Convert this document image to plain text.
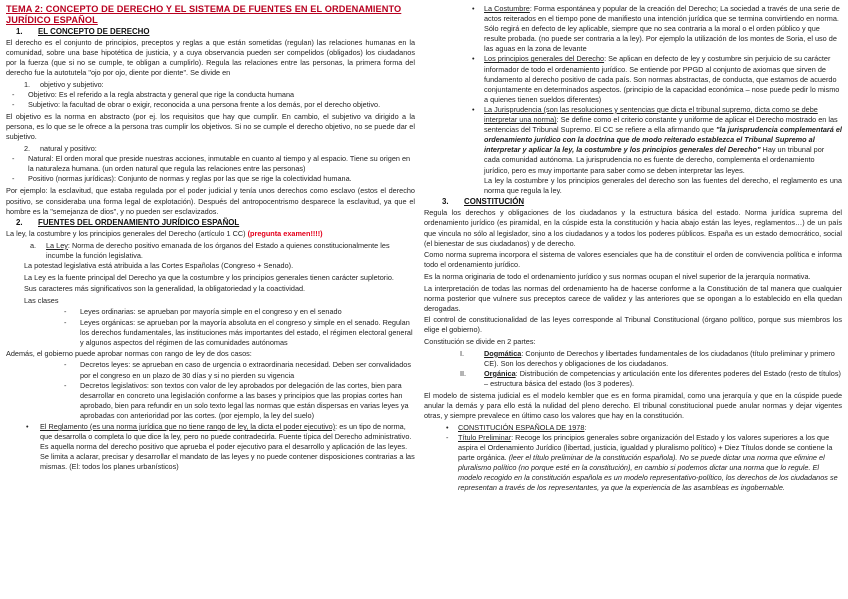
TEMA 2: CONCEPTO DE DERECHO Y EL SISTEMA DE FUENTES EN EL ORDENAMIENTO JURÍDICO ESPAÑOL
1. EL CONCEPTO DE DERECHO

El derecho es el conjunto de principios, preceptos y reglas a que están sometidas (regulan) las relaciones humanas en la comunidad, sobre una base hipotética de justicia, y a cuya observancia pueden ser compelidos (obligados) los ciudadanos por la fuerza (que si no se cumple, te obligan a cumplirlo). Regula las relaciones entre las personas, la primera forma del derecho fue la autotutela "ojo por ojo, diente por diente". Se divide en

1. objetivo y subjetivo:
- Objetivo: Es el referido a la regla abstracta y general que rige la conducta humana
- Subjetivo: la facultad de obrar o exigir, reconocida a una persona frente a los demás, por el derecho objetivo.

El objetivo es la norma en abstracto (por ej. los requisitos que hay que cumplir. En cambio, el subjetivo va dirigido a la persona, es lo que se le ofrece a la persona tras cumplir los objetivos. Si no se cumple el derecho objetivo, no se puede dar el subjetivo.

2. natural y positivo:
- Natural: El orden moral que preside nuestras acciones, inmutable en cuanto al tiempo y al espacio. Tiene su origen en la naturaleza humana. (un orden natural que regula las relaciones entre las personas)
- Positivo (normas jurídicas): Conjunto de normas y reglas por las que se rige la colectividad humana.

Por ejemplo: la esclavitud, que estaba regulada por el poder judicial y tenía unos derechos como esclavo (estos el derecho positivo, se consideraba una forma legal de explotación). Después del antropocentrismo desparece la esclavitud, ya que el hombre es la "semejanza de dios", y no pueden ser esclavizados.

2. FUENTES DEL ORDENAMIENTO JURÍDICO ESPAÑOL

La ley, la costumbre y los principios generales del Derecho (artículo 1 CC) (pregunta examen!!!!)

a. La Ley: Norma de derecho positivo emanada de los órganos del Estado a quienes constitucionalmente les incumbe la función legislativa.

La potestad legislativa está atribuida a las Cortes Españolas (Congreso + Senado).

La Ley es la fuente principal del Derecho ya que la costumbre y los principios generales tienen carácter supletorio.

Sus caracteres más significativos son la generalidad, la obligatoriedad y la coactividad.

Las clases

- Leyes ordinarias: se aprueban por mayoría simple en el congreso y en el senado
- Leyes orgánicas: se aprueban por la mayoría absoluta en el congreso y simple en el senado. Regulan los derechos fundamentales, las instituciones más importantes del estado, el régimen electoral general y algunos aspectos del régimen de las comunidades autónomas

Además, el gobierno puede aprobar normas con rango de ley de dos casos:

- Decretos leyes: se aprueban en caso de urgencia o extraordinaria necesidad. Deben ser convalidados por el congreso en un plazo de 30 días y si no pierden su vigencia
- Decretos legislativos: son textos con valor de ley aprobados por delegación de las cortes, bien para desarrollar en concreto una legislación conforme a las bases y principios que las propias cortes han aprobado, bien para refundir en un solo texto legal las normas que están dispersas en varias leyes ya aprobadas con anterioridad por las cortes. (por ejemplo, la ley del suelo)
• El Reglamento (es una norma jurídica que no tiene rango de ley, la dicta el poder ejecutivo): es un tipo de norma, que desarrolla o completa lo que dice la ley, pero no puede contradecirla. Fuente típica del Derecho administrativo. Es aquella norma del derecho positivo que aprueba el poder ejecutivo para el desarrollo y aplicación de las leyes. Se limita a aclarar, precisar y desarrollar el mandato de las leyes y no puede contener disposiciones contrarias a las mismas. (El: todos los planes urbanísticos)
• La Costumbre: Forma espontánea y popular de la creación del Derecho; La sociedad a través de una serie de actos reiterados en el tiempo pone de manifiesto una intención jurídica que se termina convirtiendo en norma. Sólo regirá en defecto de ley aplicable, siempre que no sea contraria a la moral o el orden público y que resulte probada. (no puede ser contraria a la ley). Por ejemplo la utilización de los montes de Soria, el uso de las aguas en la zona de levante
• Los principios generales del Derecho: Se aplican en defecto de ley y costumbre sin perjuicio de su carácter informador de todo el ordenamiento jurídico. Se entiende por PPGD al conjunto de axiomas que sirven de fundamento al derecho positivo de cada país. Son normas abstractas, de conducta, que estamos de acuerdo conjuntamente en determinados aspectos. (principio de la capacidad económica – nose puede pedir lo mismo a quienes tienen sueldos diferentes)
• La Jurisprudencia (son las resoluciones y sentencias que dicta el tribunal supremo, dicta como se debe interpretar una norma): Se define como el criterio constante y uniforme de aplicar el Derecho mostrado en las sentencias del Tribunal Supremo. El CC se refiere a ella afirmando que "la jurisprudencia complementará el ordenamiento jurídico con la doctrina que de modo reiterado establezca el Tribunal Supremo al interpretar y aplicar la ley, la costumbre y los principios generales del Derecho" Hay un tribunal por cada comunidad autónoma. La jurisprudencia no es fuente de derecho, complementa el ordenamiento jurídico, pero es muy importante para saber como se deben interpretar las leyes.

La ley la costumbre y los principios generales del derecho son las fuentes del derecho, el reglamento es una norma que regula la ley.

3. CONSTITUCIÓN

Regula los derechos y obligaciones de los ciudadanos y la estructura básica del estado. Norma jurídica suprema del ordenamiento jurídico (es piramidal, en la cúspide esta la constitución y hacia abajo están las leyes, reglamentos…) de un país que vincula no sólo al legislador, sino a los ciudadanos y a todos los poderes públicos. España es un estado democrático, social (el bienestar de sus ciudadanos) y de derecho.

Como norma suprema incorpora el sistema de valores esenciales que ha de constituir el orden de convivencia política e informa todo el ordenamiento jurídico.

Es la norma originaria de todo el ordenamiento jurídico y sus normas ocupan el nivel superior de la jerarquía normativa.

La interpretación de todas las normas del ordenamiento ha de hacerse conforme a la Constitución de tal manera que cualquier norma posterior que vulnere sus preceptos carece de validez y las anteriores que se opongan a lo establecido en ella quedan derogadas.

El control de constitucionalidad de las leyes corresponde al Tribunal Constitucional (órgano político, porque sus miembros los elige el gobierno).

Constitución se divide en 2 partes:

I.	Dogmática: Conjunto de Derechos y libertades fundamentales de los ciudadanos (título preliminar y primero CE). Son los derechos y obligaciones de los ciudadanos.
II. Orgánica: Distribución de competencias y articulación ente los diferentes poderes del Estado (resto de títulos) – estructura básica del estado (los 3 poderes).

El modelo de sistema judicial es el modelo kembler que es en forma piramidal, como una jerarquía y que en la cúspide puede anular la demás y para ello está la nulidad del pleno derecho. El tribunal constitucional puede anular normas y dejar vigentes otras, y siempre prevalece en último caso los valores que hay en la constitución.

• CONSTITUCIÓN ESPAÑOLA DE 1978:
- Título Preliminar: Recoge los principios generales sobre organización del Estado y los valores superiores a los que aspira el Ordenamiento Jurídico (libertad, justicia, igualdad y pluralismo político) + Diez Títulos donde se contiene la parte orgánica. (leer el título preliminar de la constitución española). No se puede dictar una norma que elimine el pluralismo político (no porque esté en la constitución), en cambio si podemos dictar una norma que lo regule. El modelo recogido en la constitución española es un modelo representativo-político, los derechos de los ciudadanos se representan a través de los representantes, ya que la experiencia de las asambleas es ingobernable.
